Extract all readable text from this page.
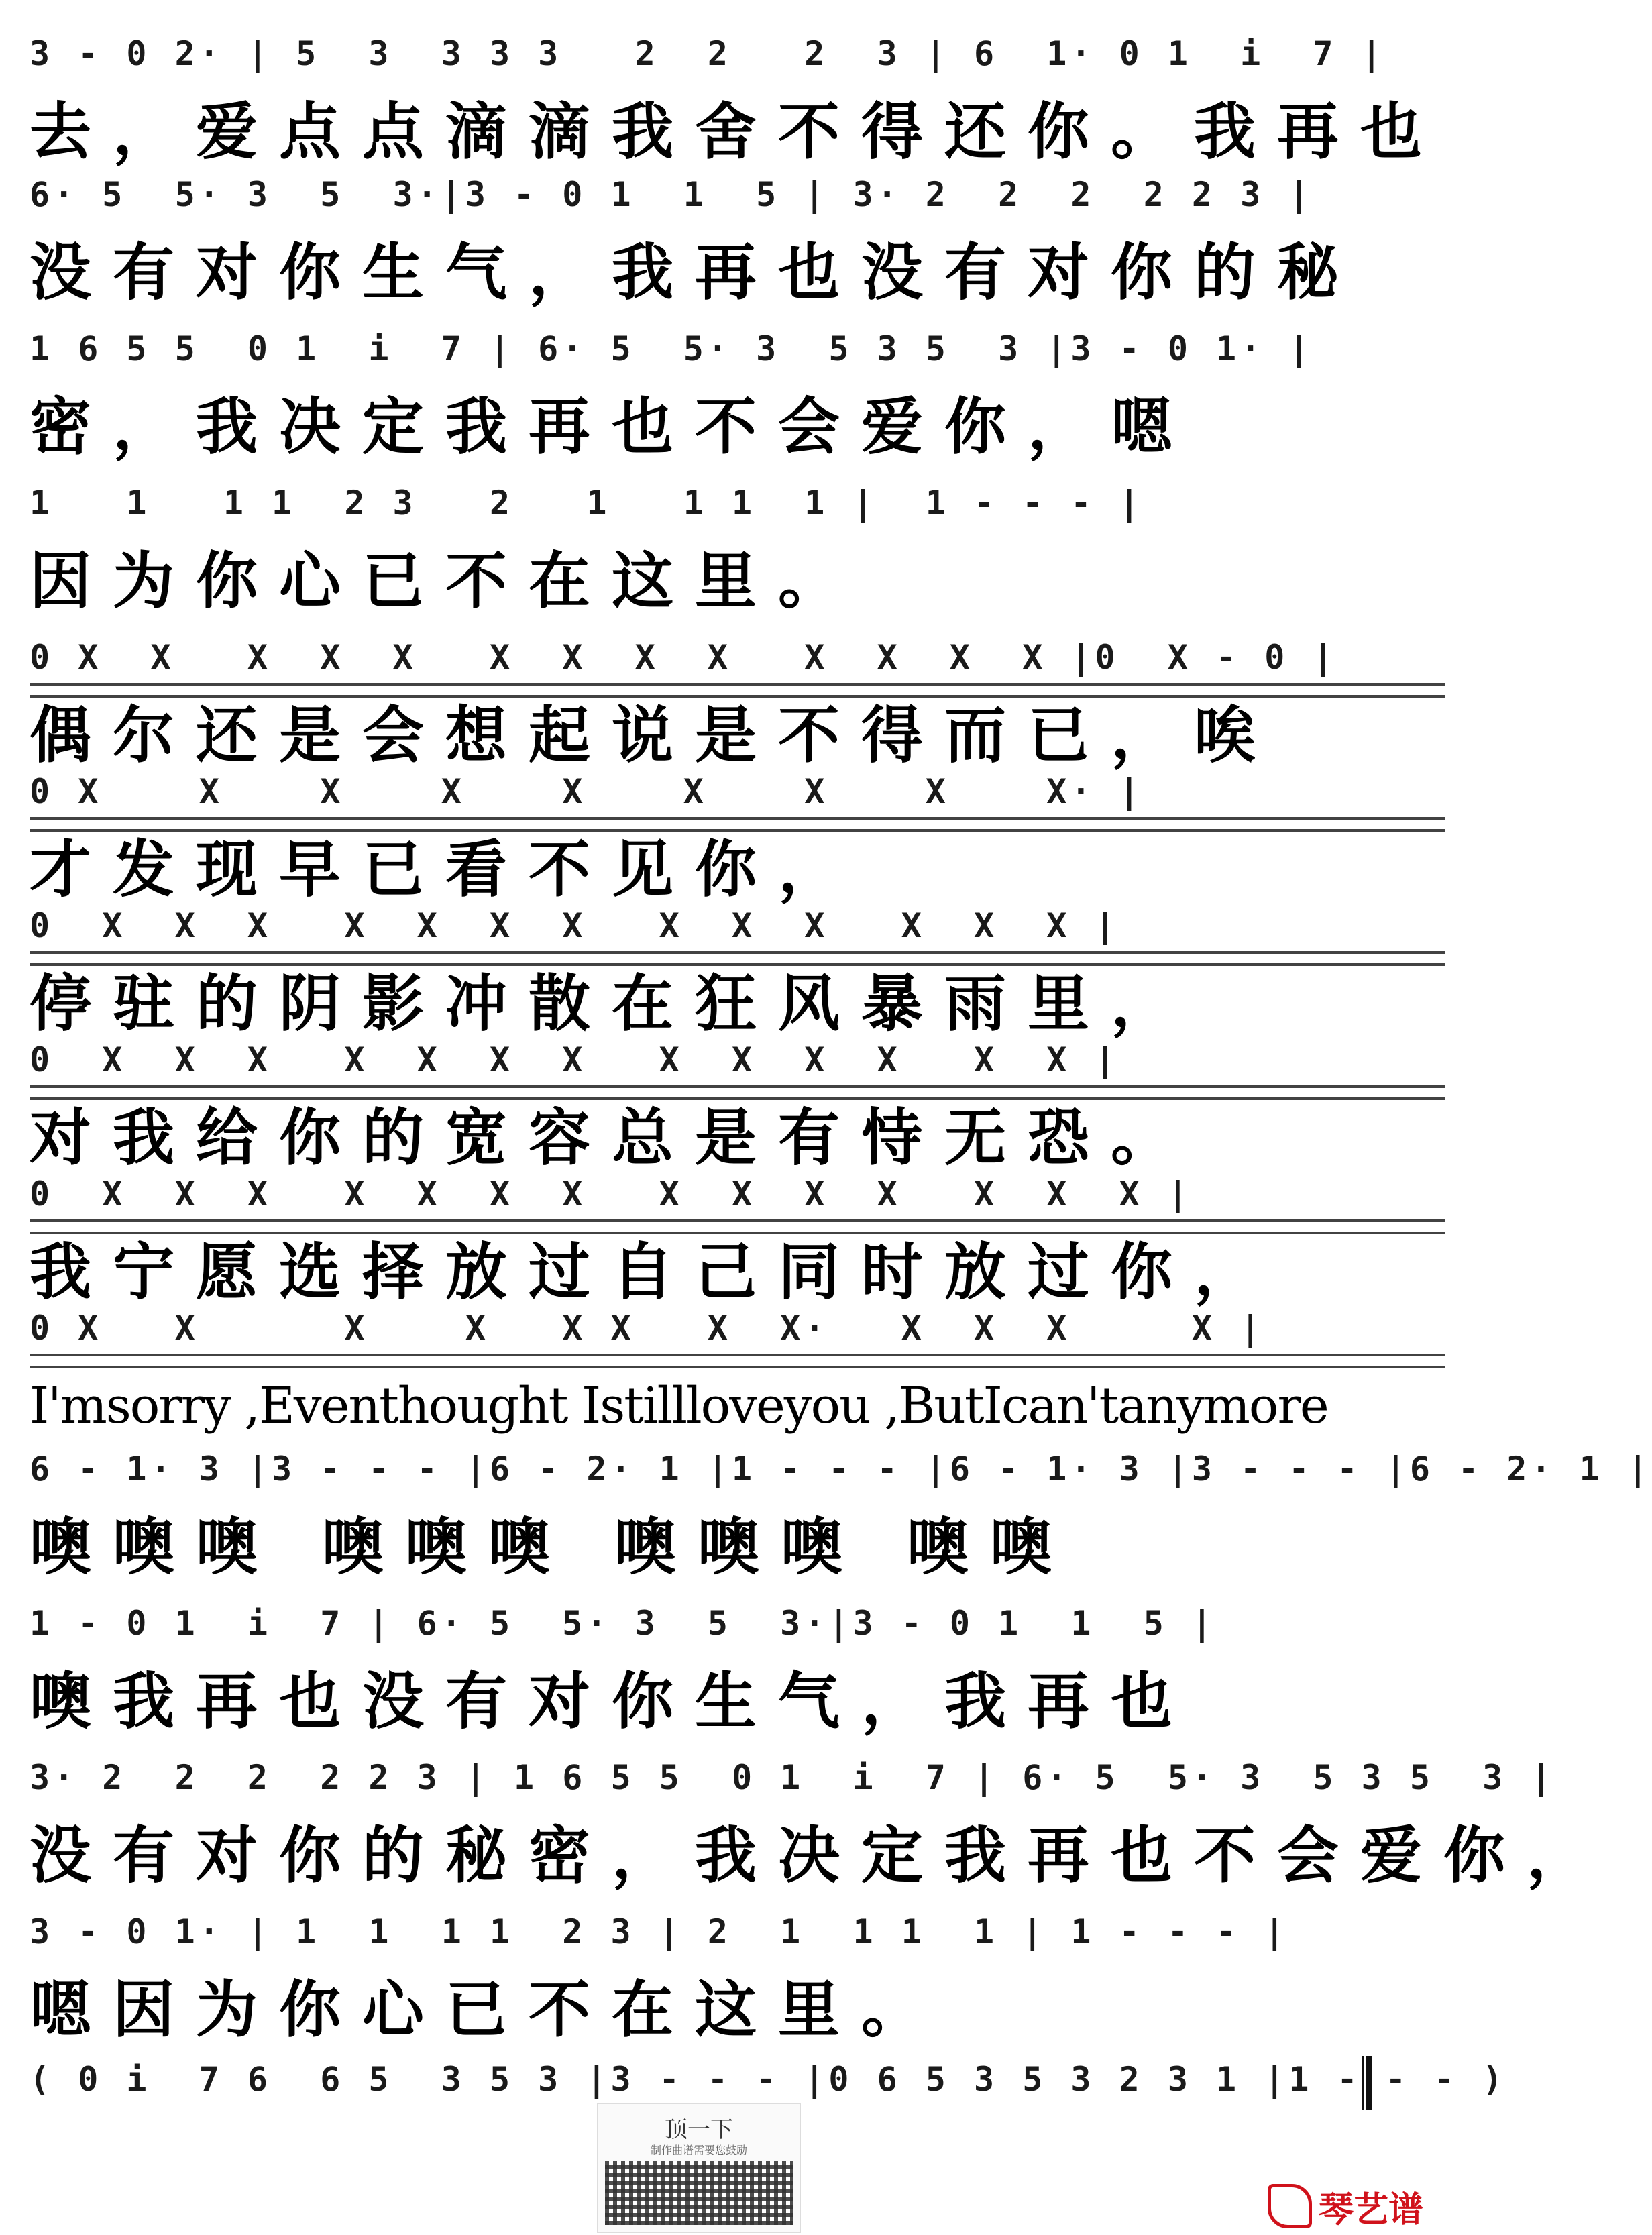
3 - 0 2· | 5  3  3 3 3   2  2   2  3 | 6  1· 0 1  i  7 |
去，爱点点滴滴我舍不得还你。我再也
6· 5  5· 3  5  3·|3 - 0 1  1  5 | 3· 2  2  2  2 2 3 |
没有对你生气，我再也没有对你的秘
1 6 5 5  0 1  i  7 | 6· 5  5· 3  5 3 5  3 |3 - 0 1· |
密，我决定我再也不会爱你，嗯
1   1   1 1  2 3   2   1   1 1  1 |  1 - - - |
因为你心已不在这里。
0 X  X   X  X  X   X  X  X  X   X  X  X  X |0  X - 0 |
偶尔还是会想起说是不得而已，唉
0 X    X    X    X    X    X    X    X    X· |
才发现早已看不见你，
0  X  X  X   X  X  X  X   X  X  X   X  X  X |
停驻的阴影冲散在狂风暴雨里，
0  X  X  X   X  X  X  X   X  X  X  X   X  X |
对我给你的宽容总是有恃无恐。
0  X  X  X   X  X  X  X   X  X  X  X   X  X  X |
我宁愿选择放过自己同时放过你，
0 X   X      X    X   X X   X  X·   X  X  X     X |
I'msorry ,Eventhought Istillloveyou ,ButIcan'tanymore
6 - 1· 3 |3 - - - |6 - 2· 1 |1 - - - |6 - 1· 3 |3 - - - |6 - 2· 1 |
噢噢噢 噢噢噢 噢噢噢 噢噢
1 - 0 1  i  7 | 6· 5  5· 3  5  3·|3 - 0 1  1  5 |
噢我再也没有对你生气，我再也
3· 2  2  2  2 2 3 | 1 6 5 5  0 1  i  7 | 6· 5  5· 3  5 3 5  3 |
没有对你的秘密，我决定我再也不会爱你，
3 - 0 1· | 1  1  1 1  2 3 | 2  1  1 1  1 | 1 - - - |
嗯因为你心已不在这里。
( 0 i  7 6  6 5  3 5 3 |3 - - - |0 6 5 3 5 3 2 3 1 |1 - - - )
顶一下
制作曲谱需要您鼓励
琴艺谱
